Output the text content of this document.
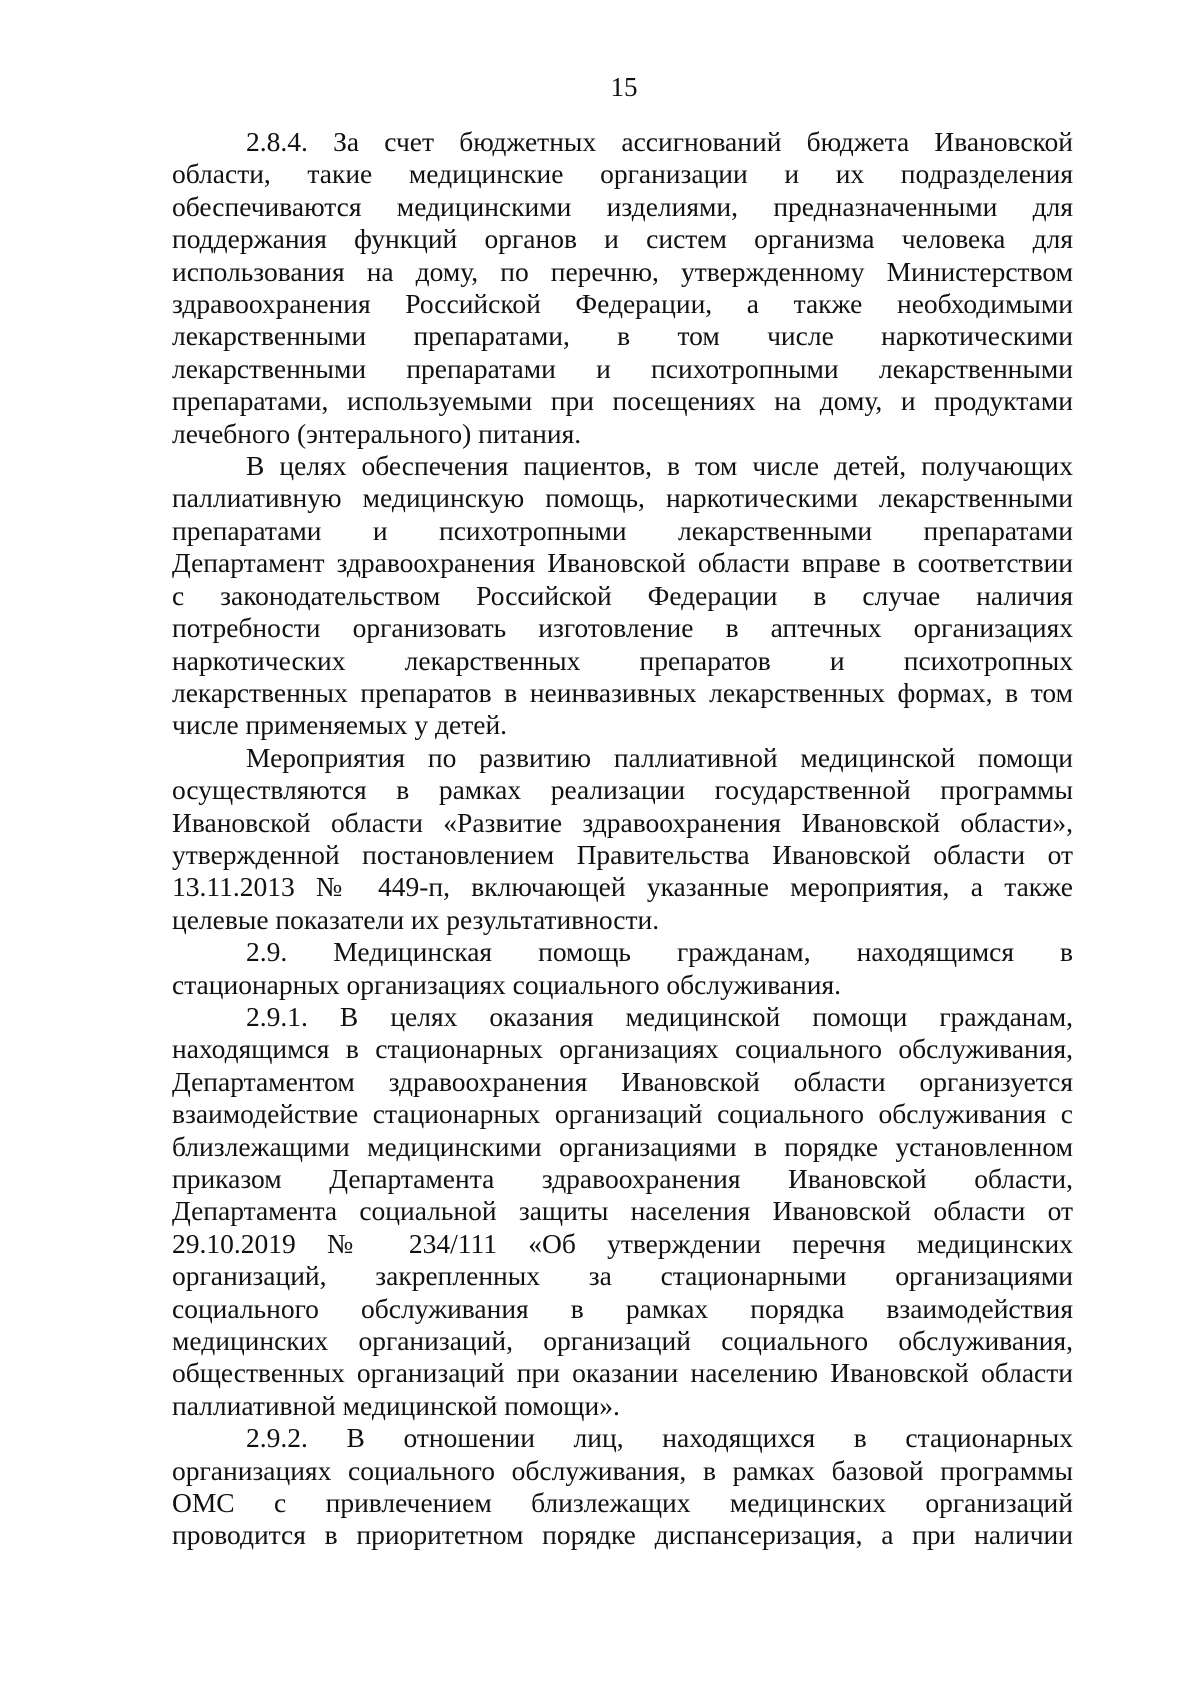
15

2.8.4. За счет бюджетных ассигнований бюджета Ивановской
области, такие медицинские организации и их подразделения
обеспечиваются медицинскими изделиями, предназначенными для
поддержания функций органов и систем организма человека для
использования на дому, по перечню, утвержденному Министерством
здравоохранения Российской Федерации, а также необходимыми
лекарственными препаратами, в том числе наркотическими
лекарственными препаратами и психотропными лекарственными
препаратами, используемыми при посещениях на дому, и продуктами
лечебного (энтерального) питания.

В целях обеспечения пациентов, в том числе детей, получающих
паллиативную медицинскую помощь, наркотическими лекарственными
препаратами и психотропными лекарственными препаратами
Департамент здравоохранения Ивановской области вправе в соответствии
с законодательством Российской Федерации в случае наличия
потребности организовать изготовление в аптечных организациях
наркотических лекарственных препаратов и психотропных
лекарственных препаратов в неинвазивных лекарственных формах, в том
числе применяемых у детей.

Мероприятия по развитию паллиативной медицинской помощи
осуществляются в рамках реализации государственной программы
Ивановской области «Развитие здравоохранения Ивановской области»,
утвержденной постановлением Правительства Ивановской области от
13.11.2013 № 449-п, включающей указанные мероприятия, а также
целевые показатели их результативности.

2.9. Медицинская помощь гражданам, находящимся в
стационарных организациях социального обслуживания.

2.9.1. В целях оказания медицинской помощи гражданам,
находящимся в стационарных организациях социального обслуживания,
Департаментом здравоохранения Ивановской области организуется
взаимодействие стационарных организаций социального обслуживания с
близлежащими медицинскими организациями в порядке установленном
приказом Департамента здравоохранения Ивановской области,
Департамента социальной защиты населения Ивановской области от
29.10.2019 № 234/111 «Об утверждении перечня медицинских
организаций, закрепленных за стационарными организациями
социального обслуживания в рамках порядка взаимодействия
медицинских организаций, организаций социального обслуживания,
общественных организаций при оказании населению Ивановской области
паллиативной медицинской помощи».

2.9.2. В отношении лиц, находящихся в стационарных
организациях социального обслуживания, в рамках базовой программы
ОМС с привлечением близлежащих медицинских организаций
проводится в приоритетном порядке диспансеризация, а при наличии
